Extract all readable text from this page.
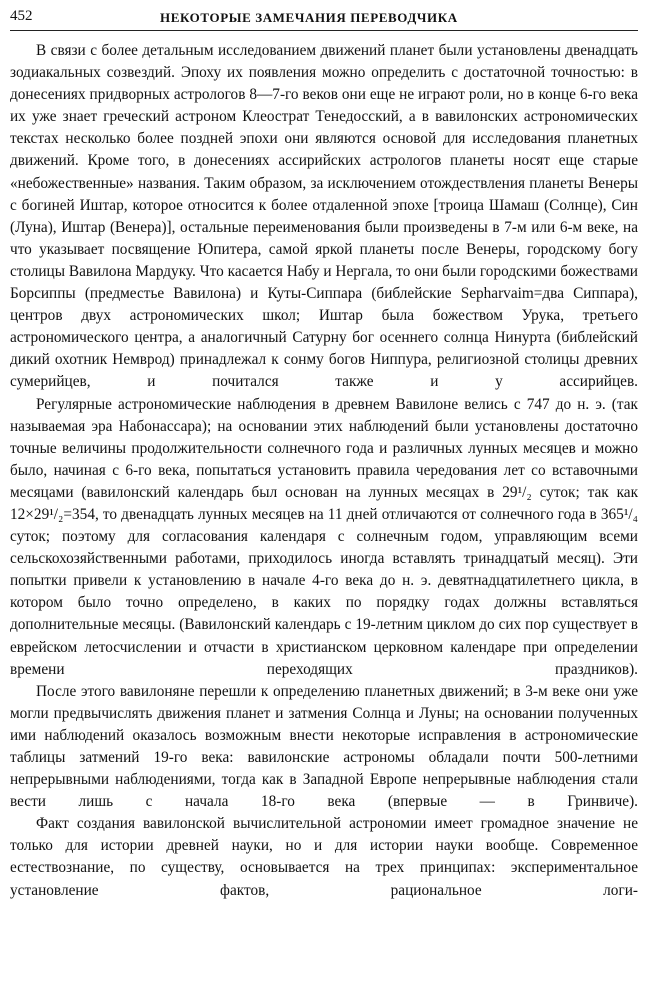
452	НЕКОТОРЫЕ ЗАМЕЧАНИЯ ПЕРЕВОДЧИКА

В связи с более детальным исследованием движений планет были установлены двенадцать зодиакальных созвездий. Эпоху их появления можно определить с достаточной точностью: в донесениях придворных астрологов 8—7-го веков они еще не играют роли, но в конце 6-го века их уже знает греческий астроном Клеострат Тенедосский, а в вавилонских астрономических текстах несколько более поздней эпохи они являются основой для исследования планетных движений. Кроме того, в донесениях ассирийских астрологов планеты носят еще старые «небожественные» названия. Таким образом, за исключением отождествления планеты Венеры с богиней Иштар, которое относится к более отдаленной эпохе [троица Шамаш (Солнце), Син (Луна), Иштар (Венера)], остальные переименования были произведены в 7-м или 6-м веке, на что указывает посвящение Юпитера, самой яркой планеты после Венеры, городскому богу столицы Вавилона Мардуку. Что касается Набу и Нергала, то они были городскими божествами Борсиппы (предместье Вавилона) и Куты-Сиппара (библейские Sepharvaim=два Сиппара), центров двух астрономических школ; Иштар была божеством Урука, третьего астрономического центра, а аналогичный Сатурну бог осеннего солнца Нинурта (библейский дикий охотник Немврод) принадлежал к сонму богов Ниппура, религиозной столицы древних сумерийцев, и почитался также и у ассирийцев.

Регулярные астрономические наблюдения в древнем Вавилоне велись с 747 до н. э. (так называемая эра Набонассара); на основании этих наблюдений были установлены достаточно точные величины продолжительности солнечного года и различных лунных месяцев и можно было, начиная с 6-го века, попытаться установить правила чередования лет со вставочными месяцами (вавилонский календарь был основан на лунных месяцах в 29¹/₂ суток; так как 12×29¹/₂=354, то двенадцать лунных месяцев на 11 дней отличаются от солнечного года в 365¹/₄ суток; поэтому для согласования календаря с солнечным годом, управляющим всеми сельскохозяйственными работами, приходилось иногда вставлять тринадцатый месяц). Эти попытки привели к установлению в начале 4-го века до н. э. девятнадцатилетнего цикла, в котором было точно определено, в каких по порядку годах должны вставляться дополнительные месяцы. (Вавилонский календарь с 19-летним циклом до сих пор существует в еврейском летосчислении и отчасти в христианском церковном календаре при определении времени переходящих праздников).

После этого вавилоняне перешли к определению планетных движений; в 3-м веке они уже могли предвычислять движения планет и затмения Солнца и Луны; на основании полученных ими наблюдений оказалось возможным внести некоторые исправления в астрономические таблицы затмений 19-го века: вавилонские астрономы обладали почти 500-летними непрерывными наблюдениями, тогда как в Западной Европе непрерывные наблюдения стали вести лишь с начала 18-го века (впервые — в Гринвиче).

Факт создания вавилонской вычислительной астрономии имеет громадное значение не только для истории древней науки, но и для истории науки вообще. Современное естествознание, по существу, основывается на трех принципах: экспериментальное установление фактов, рациональное логи-
